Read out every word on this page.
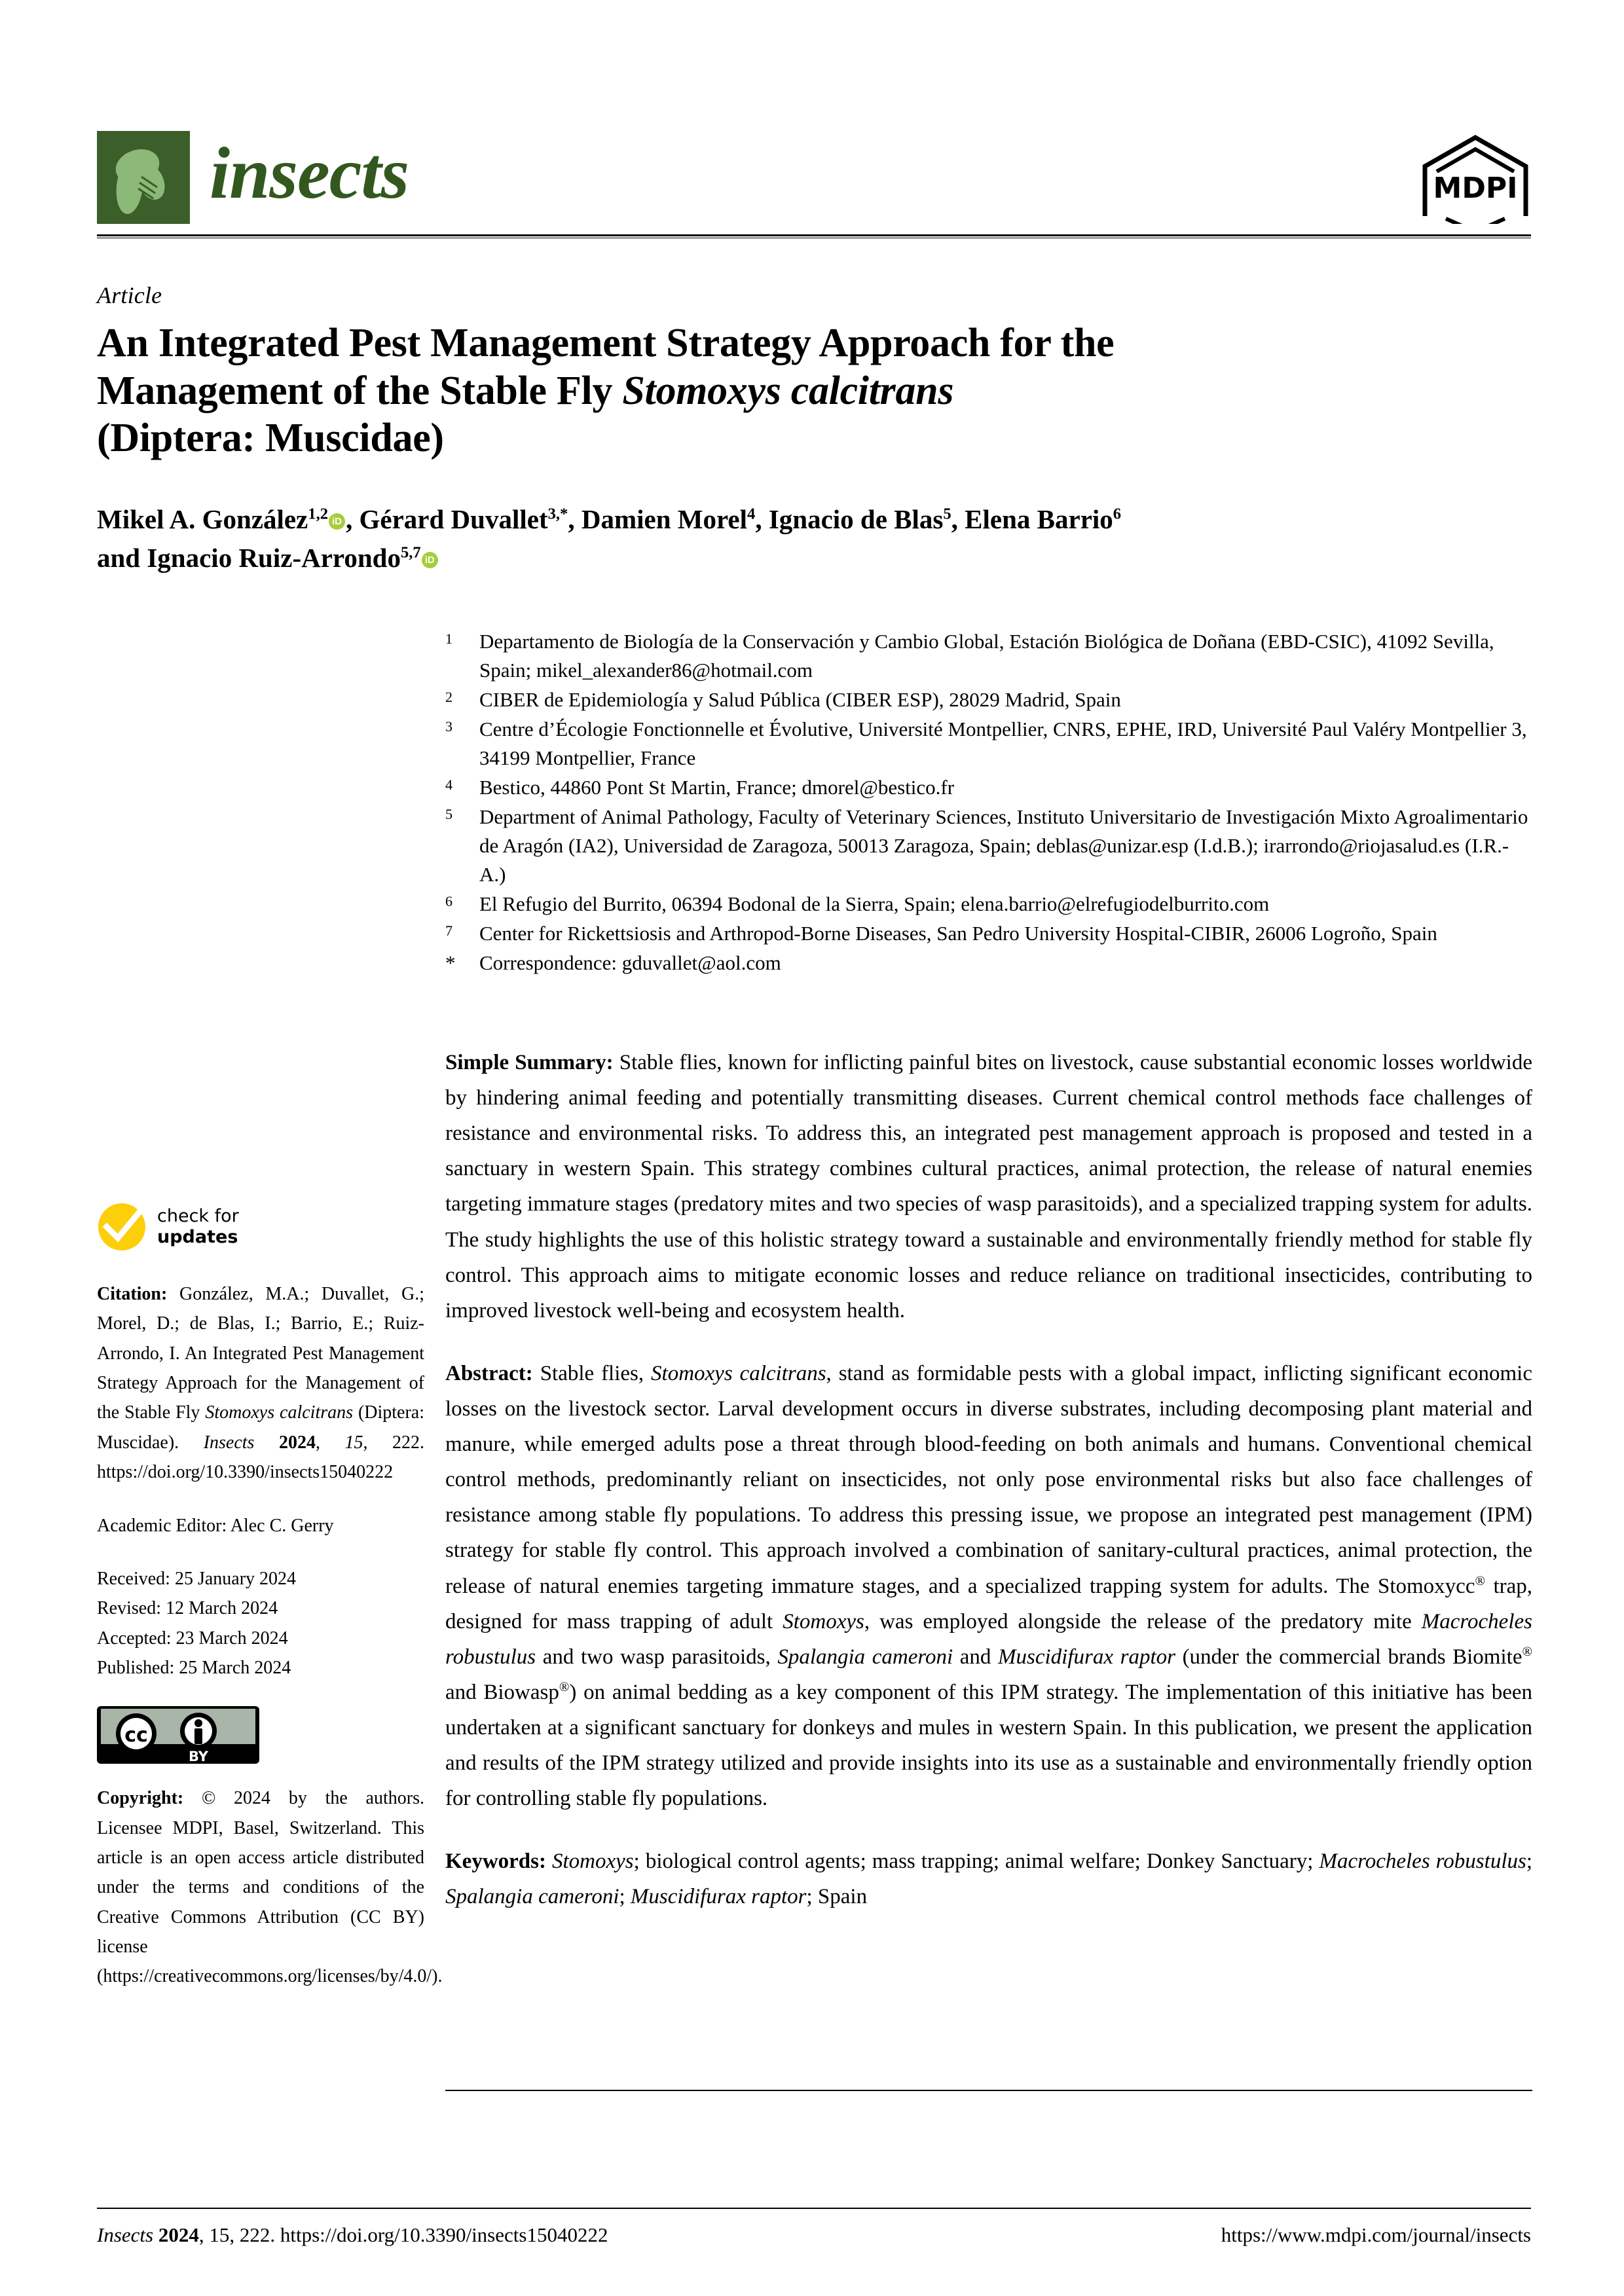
insects	MDPI
Article
An Integrated Pest Management Strategy Approach for the
Management of the Stable Fly Stomoxys calcitrans
(Diptera: Muscidae)
Mikel A. González$^{1,2}$ iD , Gérard Duvallet$^{3,*}$, Damien Morel$^4$, Ignacio de Blas$^5$, Elena Barrio$^6$
and Ignacio Ruiz-Arrondo$^{5,7}$ iD
1	Departamento de Biología de la Conservación y Cambio Global, Estación Biológica de Doñana (EBD-CSIC), 41092 Sevilla, Spain; mikel_alexander86@hotmail.com
2	CIBER de Epidemiología y Salud Pública (CIBER ESP), 28029 Madrid, Spain
3	Centre d’Écologie Fonctionnelle et Évolutive, Université Montpellier, CNRS, EPHE, IRD, Université Paul Valéry Montpellier 3, 34199 Montpellier, France
4	Bestico, 44860 Pont St Martin, France; dmorel@bestico.fr
5	Department of Animal Pathology, Faculty of Veterinary Sciences, Instituto Universitario de Investigación Mixto Agroalimentario de Aragón (IA2), Universidad de Zaragoza, 50013 Zaragoza, Spain; deblas@unizar.esp (I.d.B.); irarrondo@riojasalud.es (I.R.-A.)
6	El Refugio del Burrito, 06394 Bodonal de la Sierra, Spain; elena.barrio@elrefugiodelburrito.com
7	Center for Rickettsiosis and Arthropod-Borne Diseases, San Pedro University Hospital-CIBIR, 26006 Logroño, Spain
*	Correspondence: gduvallet@aol.com

Simple Summary: Stable flies, known for inflicting painful bites on livestock, cause substantial economic losses worldwide by hindering animal feeding and potentially transmitting diseases. Current chemical control methods face challenges of resistance and environmental risks. To address this, an integrated pest management approach is proposed and tested in a sanctuary in western Spain. This strategy combines cultural practices, animal protection, the release of natural enemies targeting immature stages (predatory mites and two species of wasp parasitoids), and a specialized trapping system for adults. The study highlights the use of this holistic strategy toward a sustainable and environmentally friendly method for stable fly control. This approach aims to mitigate economic losses and reduce reliance on traditional insecticides, contributing to improved livestock well-being and ecosystem health.

Abstract: Stable flies, Stomoxys calcitrans, stand as formidable pests with a global impact, inflicting significant economic losses on the livestock sector. Larval development occurs in diverse substrates, including decomposing plant material and manure, while emerged adults pose a threat through blood-feeding on both animals and humans. Conventional chemical control methods, predominantly reliant on insecticides, not only pose environmental risks but also face challenges of resistance among stable fly populations. To address this pressing issue, we propose an integrated pest management (IPM) strategy for stable fly control. This approach involved a combination of sanitary-cultural practices, animal protection, the release of natural enemies targeting immature stages, and a specialized trapping system for adults. The Stomoxycc® trap, designed for mass trapping of adult Stomoxys, was employed alongside the release of the predatory mite Macrocheles robustulus and two wasp parasitoids, Spalangia cameroni and Muscidifurax raptor (under the commercial brands Biomite® and Biowasp®) on animal bedding as a key component of this IPM strategy. The implementation of this initiative has been undertaken at a significant sanctuary for donkeys and mules in western Spain. In this publication, we present the application and results of the IPM strategy utilized and provide insights into its use as a sustainable and environmentally friendly option for controlling stable fly populations.

Keywords: Stomoxys; biological control agents; mass trapping; animal welfare; Donkey Sanctuary; Macrocheles robustulus; Spalangia cameroni; Muscidifurax raptor; Spain

check for
updates
Citation: González, M.A.; Duvallet, G.; Morel, D.; de Blas, I.; Barrio, E.; Ruiz-Arrondo, I. An Integrated Pest Management Strategy Approach for the Management of the Stable Fly Stomoxys calcitrans (Diptera: Muscidae). Insects 2024, 15, 222. https://doi.org/10.3390/insects15040222
Academic Editor: Alec C. Gerry
Received: 25 January 2024
Revised: 12 March 2024
Accepted: 23 March 2024
Published: 25 March 2024
cc
BY
Copyright: © 2024 by the authors. Licensee MDPI, Basel, Switzerland. This article is an open access article distributed under the terms and conditions of the Creative Commons Attribution (CC BY) license (https://creativecommons.org/licenses/by/4.0/).
Insects 2024, 15, 222. https://doi.org/10.3390/insects15040222	https://www.mdpi.com/journal/insects
